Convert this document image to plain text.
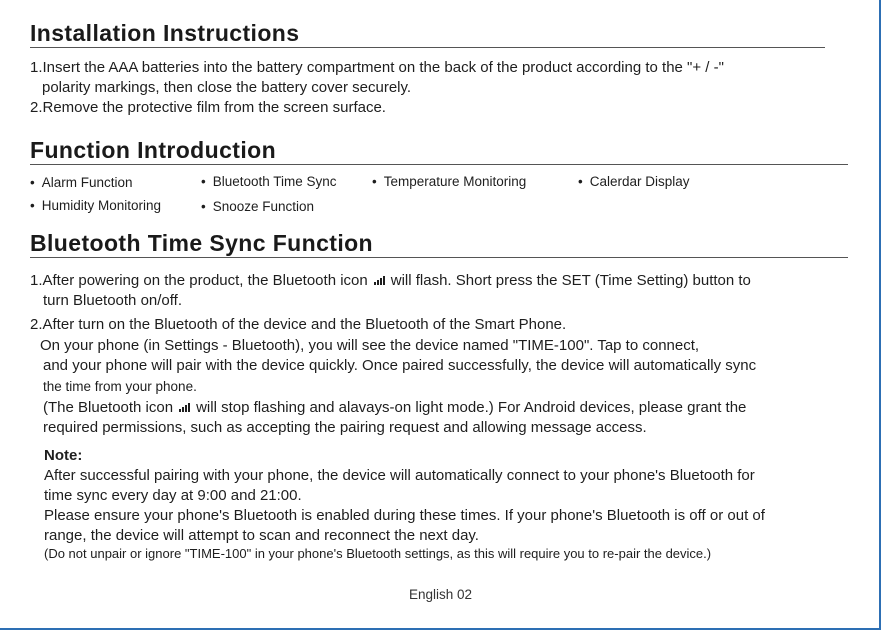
Installation Instructions
1.Insert the AAA batteries into the battery compartment on the back of the product according to the "+ / -"
polarity markings, then close the battery cover securely.
2.Remove the protective film from the screen surface.
Function Introduction
• Alarm Function	• Bluetooth Time Sync	• Temperature Monitoring	• Calerdar Display
• Humidity Monitoring	• Snooze Function
Bluetooth Time Sync Function
1.After powering on the product, the Bluetooth icon will flash. Short press the SET (Time Setting) button to
turn Bluetooth on/off.
2.After turn on the Bluetooth of the device and the Bluetooth of the Smart Phone.
On your phone (in Settings - Bluetooth), you will see the device named "TIME-100". Tap to connect,
and your phone will pair with the device quickly. Once paired successfully, the device will automatically sync
the time from your phone.
(The Bluetooth icon will stop flashing and alavays-on light mode.) For Android devices, please grant the
required permissions, such as accepting the pairing request and allowing message access.
Note:
After successful pairing with your phone, the device will automatically connect to your phone's Bluetooth for
time sync every day at 9:00 and 21:00.
Please ensure your phone's Bluetooth is enabled during these times. If your phone's Bluetooth is off or out of
range, the device will attempt to scan and reconnect the next day.
(Do not unpair or ignore "TIME-100" in your phone's Bluetooth settings, as this will require you to re-pair the device.)
English 02
